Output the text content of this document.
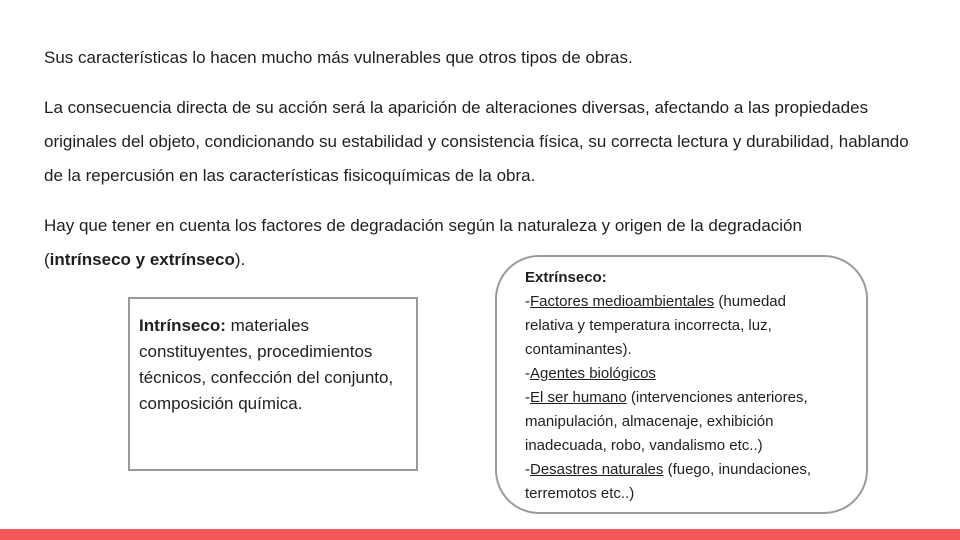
Sus características lo hacen mucho más vulnerables que otros tipos de obras.

La consecuencia directa de su acción será la aparición de alteraciones diversas, afectando a las propiedades originales del objeto, condicionando su estabilidad y consistencia física, su correcta lectura y durabilidad, hablando de la repercusión en las características fisicoquímicas de la obra.

Hay que tener en cuenta los factores de degradación según la naturaleza y origen de la degradación
(intrínseco y extrínseco).

Intrínseco: materiales constituyentes, procedimientos técnicos, confección del conjunto, composición química.
Extrínseco:
-Factores medioambientales (humedad
relativa y temperatura incorrecta, luz,
contaminantes).
-Agentes biológicos
-El ser humano (intervenciones anteriores,
manipulación, almacenaje, exhibición
inadecuada, robo, vandalismo etc..)
-Desastres naturales (fuego, inundaciones,
terremotos etc..)
